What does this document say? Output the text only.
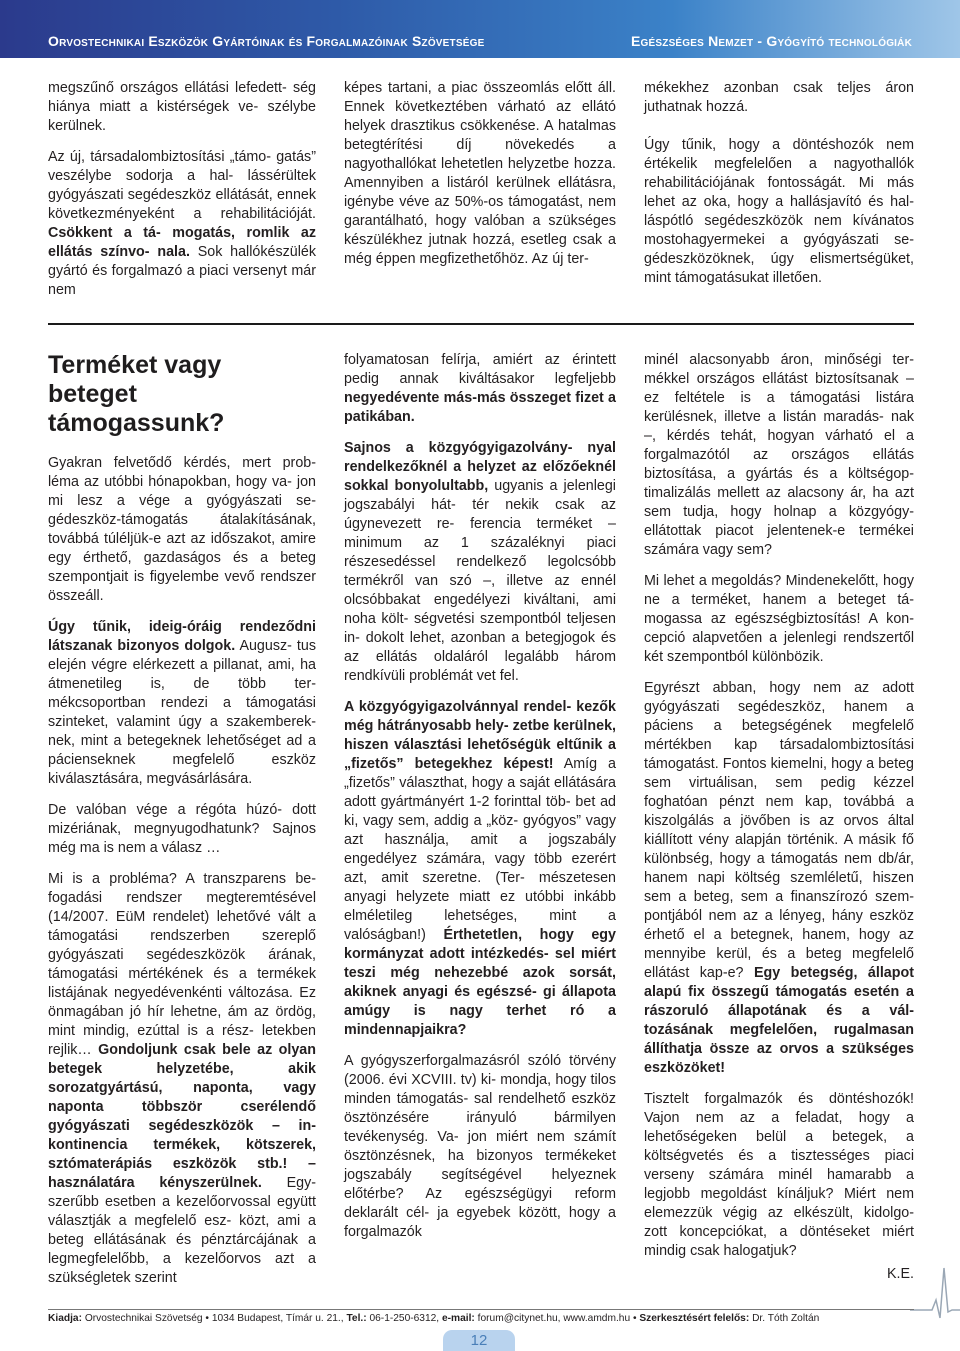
Orvostechnikai Eszközök Gyártóinak és Forgalmazóinak Szövetsége	Egészséges Nemzet - Gyógyító technológiák

megszűnő országos ellátási lefedett- ség hiánya miatt a kistérségek ve- szélybe kerülnek.

Az új, társadalombiztosítási „támo- gatás” veszélybe sodorja a hal- lássérültek gyógyászati segédeszköz ellátását, ennek következményeként a rehabilitációját. Csökkent a tá- mogatás, romlik az ellátás színvo- nala. Sok hallókészülék gyártó és forgalmazó a piaci versenyt már nem

képes tartani, a piac összeomlás előtt áll. Ennek következtében várható az ellátó helyek drasztikus csökkenése. A hatalmas betegtérítési díj növekedés a nagyothallókat lehetetlen helyzetbe hozza. Amennyiben a listáról kerülnek ellátásra, igénybe véve az 50%-os támogatást, nem garantálható, hogy valóban a szükséges készülékhez jutnak hozzá, esetleg csak a még éppen megfizethetőhöz. Az új ter-

mékekhez azonban csak teljes áron juthatnak hozzá.

Úgy tűnik, hogy a döntéshozók nem értékelik megfelelően a nagyothallók rehabilitációjának fontosságát. Mi más lehet az oka, hogy a hallásjavító és hal- láspótló segédeszközök nem kívánatos mostohagyermekei a gyógyászati se- gédeszközöknek, úgy elismertségüket, mint támogatásukat illetően.

Terméket vagy
beteget
támogassunk?

Gyakran felvetődő kérdés, mert prob- léma az utóbbi hónapokban, hogy va- jon mi lesz a vége a gyógyászati se- gédeszköz-támogatás átalakításának, továbbá túléljük-e azt az időszakot, amire egy érthető, gazdaságos és a beteg szempontjait is figyelembe vevő rendszer összeáll.

Úgy tűnik, ideig-óráig rendeződni látszanak bizonyos dolgok. Augusz- tus elején végre elérkezett a pillanat, ami, ha átmenetileg is, de több ter- mékcsoportban rendezi a támogatási szinteket, valamint úgy a szakemberek- nek, mint a betegeknek lehetőséget ad a pácienseknek megfelelő eszköz kiválasztására, megvásárlására.

De valóban vége a régóta húzó- dott mizériának, megnyugodhatunk? Sajnos még ma is nem a válasz …

Mi is a probléma? A transzparens be- fogadási rendszer megteremtésével (14/2007. EüM rendelet) lehetővé vált a támogatási rendszerben szereplő gyógyászati segédeszközök árának, támogatási mértékének és a termékek listájának negyedévenkénti változása. Ez önmagában jó hír lehetne, ám az ördög, mint mindig, ezúttal is a rész- letekben rejlik… Gondoljunk csak bele az olyan betegek helyzetébe,	akik sorozatgyártású, naponta, vagy naponta többször cserélendő gyógyászati segédeszközök – in- kontinencia termékek, kötszerek, sztómaterápiás eszközök stb.! – használatára kényszerülnek. Egy- szerűbb esetben a kezelőorvossal együtt választják a megfelelő esz- közt, ami a beteg ellátásának és pénztárcájának a legmegfelelőbb, a kezelőorvos azt a szükségletek szerint

folyamatosan felírja, amiért az érintett pedig annak kiváltásakor legfeljebb negyedévente más-más összeget fizet a patikában.

Sajnos a közgyógyigazolvány- nyal rendelkezőknél a helyzet az előzőeknél sokkal bonyolultabb, ugyanis a jelenlegi jogszabályi hát- tér nekik csak az úgynevezett re- ferencia terméket – minimum az 1 százaléknyi piaci részesedéssel rendelkező legolcsóbb termékről van szó –, illetve az ennél olcsóbbakat engedélyezi kiváltani, ami noha költ- ségvetési szempontból teljesen in- dokolt lehet, azonban a betegjogok és az ellátás oldaláról legalább három rendkívüli problémát vet fel.

A közgyógyigazolvánnyal rendel- kezők még hátrányosabb hely- zetbe kerülnek, hiszen választási lehetőségük eltűnik a „fizetős” betegekhez képest! Amíg a „fizetős” választhat, hogy a saját ellátására adott gyártmányért 1-2 forinttal töb- bet ad ki, vagy sem, addig a „köz- gyógyos” vagy azt használja, amit a jogszabály engedélyez számára, vagy több ezerért azt, amit szeretne. (Ter- mészetesen anyagi helyzete miatt ez utóbbi inkább elméletileg lehetséges, mint a valóságban!) Érthetetlen, hogy egy kormányzat adott intézkedés- sel miért teszi még nehezebbé azok sorsát, akiknek anyagi és egészsé- gi állapota amúgy is nagy terhet ró a mindennapjaikra?

A gyógyszerforgalmazásról szóló törvény (2006. évi XCVIII. tv) ki- mondja, hogy tilos minden támogatás- sal rendelhető eszköz ösztönzésére	irányuló bármilyen tevékenység. Va- jon miért nem számít ösztönzésnek, ha bizonyos termékeket jogszabály segítségével helyeznek előtérbe? Az egészségügyi reform deklarált cél- ja egyebek között, hogy a forgalmazók

minél alacsonyabb áron, minőségi ter- mékkel országos ellátást biztosítsanak – ez feltétele is a támogatási listára kerülésnek, illetve a listán maradás- nak –, kérdés tehát, hogyan várható el a forgalmazótól az országos ellátás biztosítása, a gyártás és a költségop- timalizálás mellett az alacsony ár, ha azt sem tudja, hogy holnap a közgyógy- ellátottak piacot jelentenek-e termékei számára vagy sem?

Mi lehet a megoldás? Mindenekelőtt, hogy ne a terméket, hanem a beteget tá- mogassa az egészségbiztosítás! A kon- cepció alapvetően a jelenlegi rendszertől két szempontból különbözik.

Egyrészt abban, hogy nem az adott gyógyászati segédeszköz, hanem a páciens a betegségének megfelelő mértékben kap társadalombiztosítási támogatást. Fontos kiemelni, hogy a beteg sem virtuálisan, sem pedig kézzel foghatóan pénzt nem kap, továbbá a kiszolgálás a jövőben is az orvos által kiállított vény alapján történik. A másik fő különbség, hogy a támogatás nem db/ár, hanem napi költség szemléletű, hiszen sem a beteg, sem a finanszírozó szem- pontjából nem az a lényeg, hány eszköz érhető el a betegnek, hanem, hogy az mennyibe kerül, és a beteg megfelelő ellátást kap-e? Egy betegség, állapot alapú fix összegű támogatás esetén a rászoruló állapotának és a vál- tozásának megfelelően, rugalmasan állíthatja össze az orvos a szükséges eszközöket!

Tisztelt forgalmazók és döntéshozók! Vajon nem az a feladat, hogy a lehetőségeken belül a betegek, a költségvetés és a tisztességes piaci verseny számára minél hamarabb a legjobb megoldást kínáljuk? Miért nem elemezzük végig az elkészült, kidolgo- zott koncepciókat, a döntéseket miért mindig csak halogatjuk?

K.E.
Kiadja: Orvostechnikai Szövetség • 1034 Budapest, Tímár u. 21., Tel.: 06-1-250-6312, e-mail: forum@citynet.hu, www.amdm.hu • Szerkesztésért felelős: Dr. Tóth Zoltán
12
